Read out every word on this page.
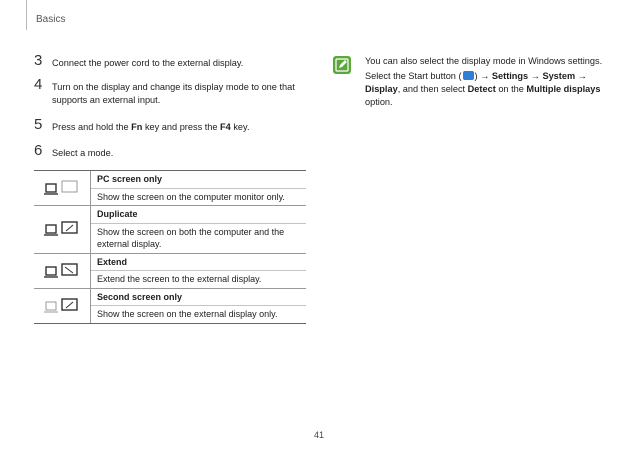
Basics
3 Connect the power cord to the external display.
4 Turn on the display and change its display mode to one that supports an external input.
5 Press and hold the Fn key and press the F4 key.
6 Select a mode.
PC screen only
Show the screen on the computer monitor only.
Duplicate
Show the screen on both the computer and the external display.
Extend
Extend the screen to the external display.
Second screen only
Show the screen on the external display only.
You can also select the display mode in Windows settings.
Select the Start button ( ) → Settings → System → Display, and then select Detect on the Multiple displays option.
41
